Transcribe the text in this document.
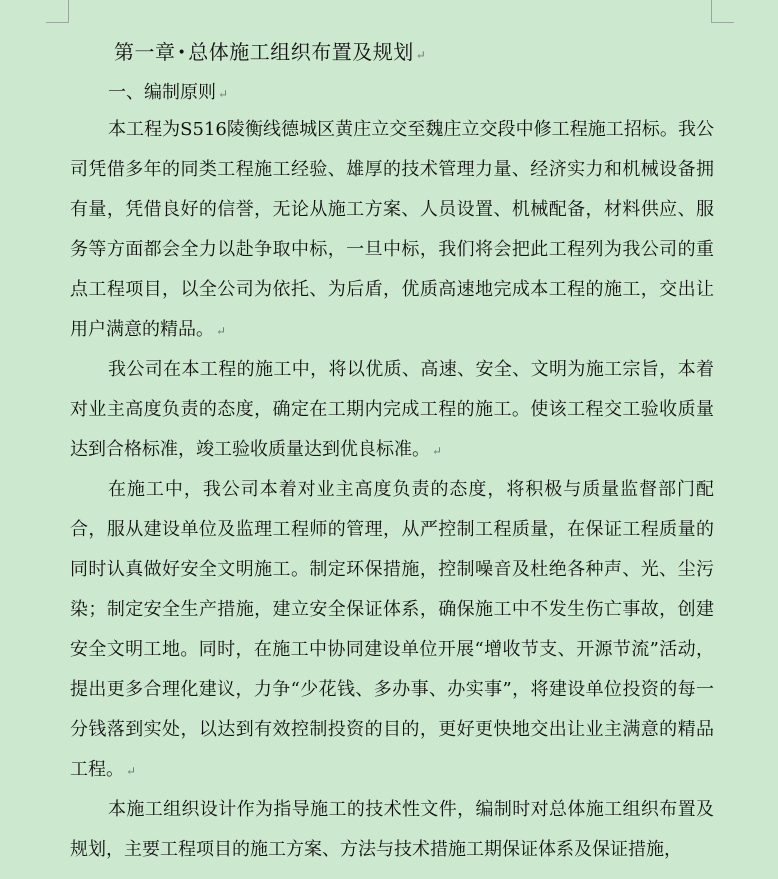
第一章 • 总体施工组织布置及规划 ↵
一、编制原则 ↵
本工程为S516陵衡线德城区黄庄立交至魏庄立交段中修工程施工招标。我公司凭借多年的同类工程施工经验、雄厚的技术管理力量、经济实力和机械设备拥有量，凭借良好的信誉，无论从施工方案、人员设置、机械配备，材料供应、服务等方面都会全力以赴争取中标，一旦中标，我们将会把此工程列为我公司的重点工程项目，以全公司为依托、为后盾，优质高速地完成本工程的施工，交出让用户满意的精品。 ↵
我公司在本工程的施工中，将以优质、高速、安全、文明为施工宗旨，本着对业主高度负责的态度，确定在工期内完成工程的施工。使该工程交工验收质量达到合格标准，竣工验收质量达到优良标准。 ↵
在施工中，我公司本着对业主高度负责的态度，将积极与质量监督部门配合，服从建设单位及监理工程师的管理，从严控制工程质量，在保证工程质量的同时认真做好安全文明施工。制定环保措施，控制噪音及杜绝各种声、光、尘污染；制定安全生产措施，建立安全保证体系，确保施工中不发生伤亡事故，创建安全文明工地。同时，在施工中协同建设单位开展“增收节支、开源节流”活动，提出更多合理化建议，力争“少花钱、多办事、办实事”，将建设单位投资的每一分钱落到实处，以达到有效控制投资的目的，更好更快地交出让业主满意的精品工程。 ↵
本施工组织设计作为指导施工的技术性文件，编制时对总体施工组织布置及规划，主要工程项目的施工方案、方法与技术措施工期保证体系及保证措施，
